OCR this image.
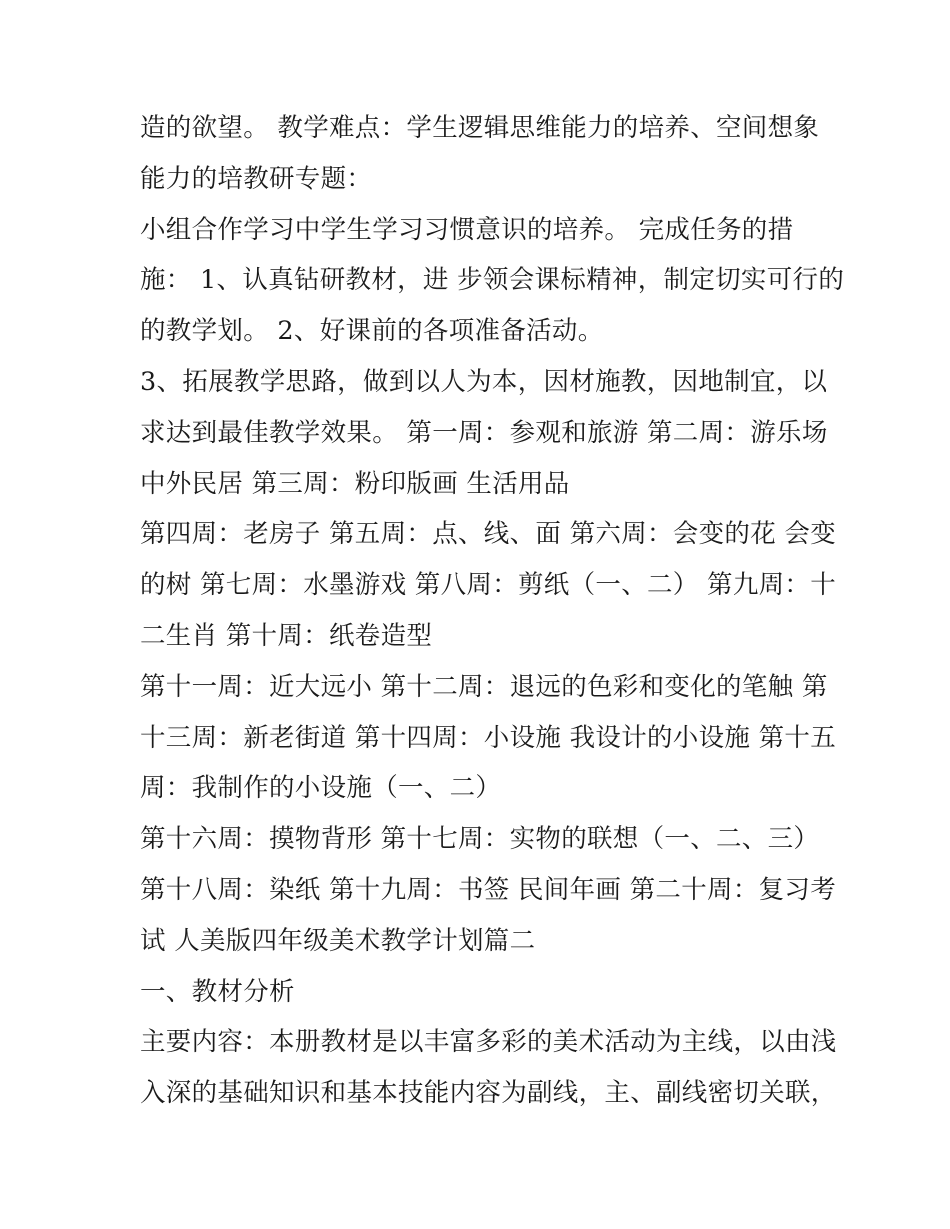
造的欲望。 教学难点：学生逻辑思维能力的培养、空间想象
能力的培教研专题：
小组合作学习中学生学习习惯意识的培养。 完成任务的措
施： 1、认真钻研教材，进 步领会课标精神，制定切实可行的
的教学划。 2、好课前的各项准备活动。
3、拓展教学思路，做到以人为本，因材施教，因地制宜，以
求达到最佳教学效果。 第一周：参观和旅游 第二周：游乐场
中外民居 第三周：粉印版画 生活用品
第四周：老房子 第五周：点、线、面 第六周：会变的花 会变
的树 第七周：水墨游戏 第八周：剪纸（一、二） 第九周：十
二生肖 第十周：纸卷造型
第十一周：近大远小 第十二周：退远的色彩和变化的笔触 第
十三周：新老街道 第十四周：小设施 我设计的小设施 第十五
周：我制作的小设施（一、二）
第十六周：摸物背形 第十七周：实物的联想（一、二、三）
第十八周：染纸 第十九周：书签 民间年画 第二十周：复习考
试 人美版四年级美术教学计划篇二
一、教材分析
主要内容：本册教材是以丰富多彩的美术活动为主线，以由浅
入深的基础知识和基本技能内容为副线，主、副线密切关联，
